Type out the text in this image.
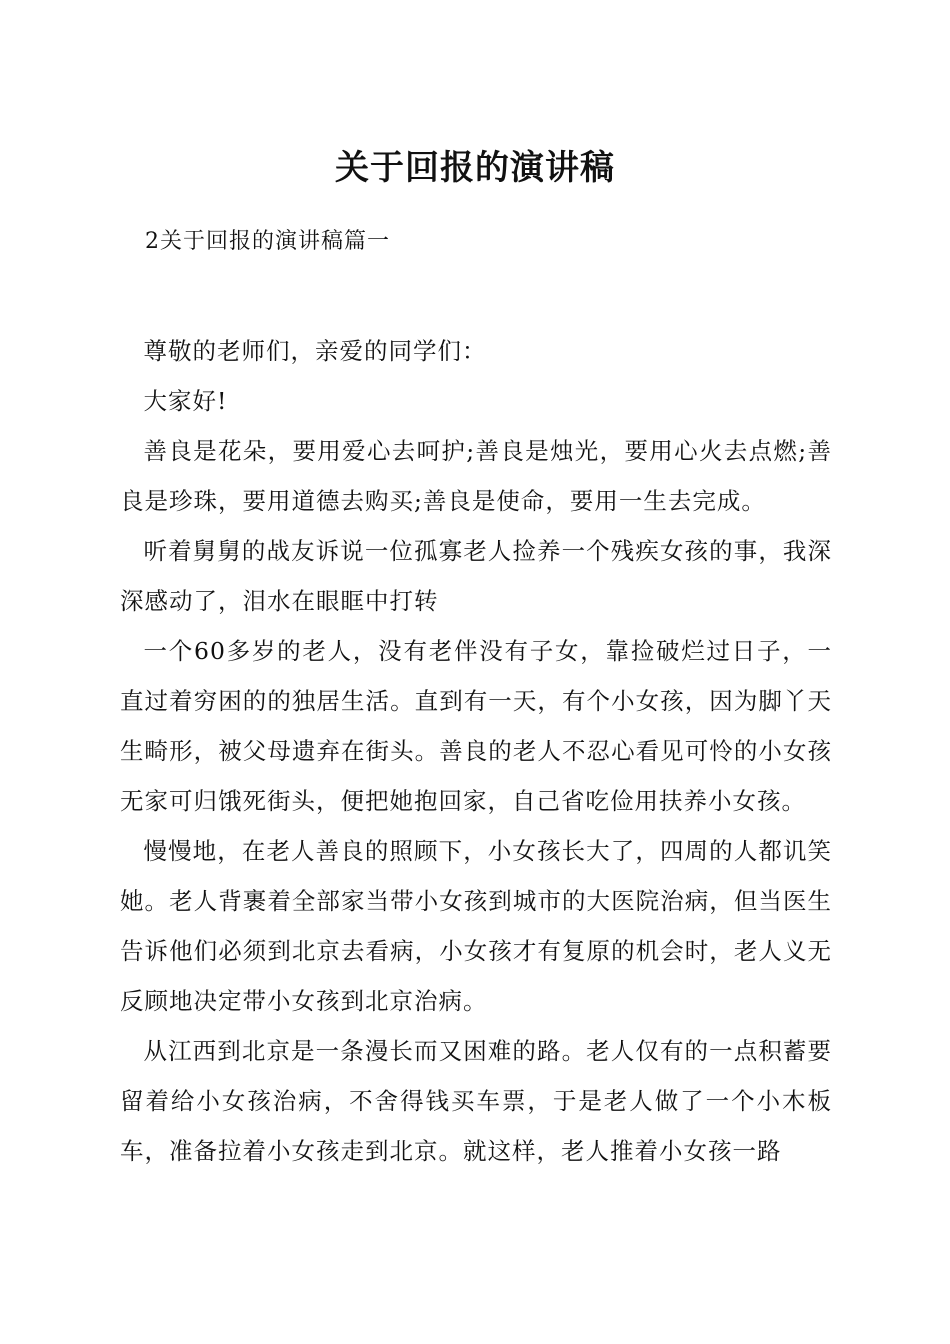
关于回报的演讲稿
2关于回报的演讲稿篇一

尊敬的老师们，亲爱的同学们：

大家好!

善良是花朵，要用爱心去呵护;善良是烛光，要用心火去点燃;善良是珍珠，要用道德去购买;善良是使命，要用一生去完成。

听着舅舅的战友诉说一位孤寡老人捡养一个残疾女孩的事，我深深感动了，泪水在眼眶中打转

一个60多岁的老人，没有老伴没有子女，靠捡破烂过日子，一直过着穷困的的独居生活。直到有一天，有个小女孩，因为脚丫天生畸形，被父母遗弃在街头。善良的老人不忍心看见可怜的小女孩无家可归饿死街头，便把她抱回家，自己省吃俭用扶养小女孩。

慢慢地，在老人善良的照顾下，小女孩长大了，四周的人都讥笑她。老人背裹着全部家当带小女孩到城市的大医院治病，但当医生告诉他们必须到北京去看病，小女孩才有复原的机会时，老人义无反顾地决定带小女孩到北京治病。

从江西到北京是一条漫长而又困难的路。老人仅有的一点积蓄要留着给小女孩治病，不舍得钱买车票，于是老人做了一个小木板车，准备拉着小女孩走到北京。就这样，老人推着小女孩一路
